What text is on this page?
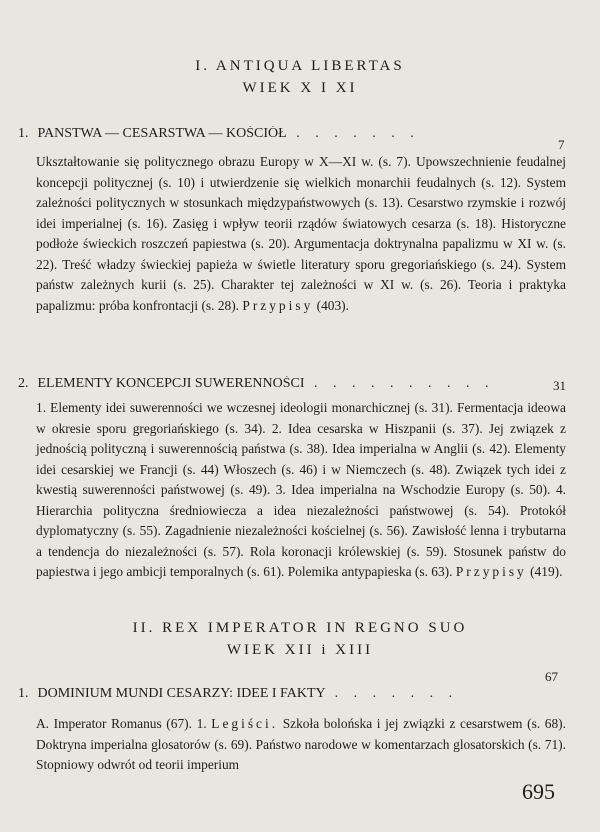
I. ANTIQUA LIBERTAS
WIEK X I XI
7
1. PANSTWA — CESARSTWA — KOŚCIÓŁ . . . . . . .
Ukształtowanie się politycznego obrazu Europy w X—XI w. (s. 7). Upowszechnienie feudalnej koncepcji politycznej (s. 10) i utwierdzenie się wielkich monarchii feudalnych (s. 12). System zależności politycznych w stosunkach międzypaństwowych (s. 13). Cesarstwo rzymskie i rozwój idei imperialnej (s. 16). Zasięg i wpływ teorii rządów światowych cesarza (s. 18). Historyczne podłoże świeckich roszczeń papiestwa (s. 20). Argumentacja doktrynalna papalizmu w XI w. (s. 22). Treść władzy świeckiej papieża w świetle literatury sporu gregoriańskiego (s. 24). System państw zależnych kurii (s. 25). Charakter tej zależności w XI w. (s. 26). Teoria i praktyka papalizmu: próba konfrontacji (s. 28). Przypisy (403).
31
2. ELEMENTY KONCEPCJI SUWERENNOŚCI . . . . . . . . . .
1. Elementy idei suwerenności we wczesnej ideologii monarchicznej (s. 31). Fermentacja ideowa w okresie sporu gregoriańskiego (s. 34). 2. Idea cesarska w Hiszpanii (s. 37). Jej związek z jednością polityczną i suwerennością państwa (s. 38). Idea imperialna w Anglii (s. 42). Elementy idei cesarskiej we Francji (s. 44) Włoszech (s. 46) i w Niemczech (s. 48). Związek tych idei z kwestią suwerenności państwowej (s. 49). 3. Idea imperialna na Wschodzie Europy (s. 50). 4. Hierarchia polityczna średniowiecza a idea niezależności państwowej (s. 54). Protokół dyplomatyczny (s. 55). Zagadnienie niezależności kościelnej (s. 56). Zawisłość lenna i trybutarna a tendencja do niezależności (s. 57). Rola koronacji królewskiej (s. 59). Stosunek państw do papiestwa i jego ambicji temporalnych (s. 61). Polemika antypapieska (s. 63). Przypisy (419).
II. REX IMPERATOR IN REGNO SUO
WIEK XII i XIII
67
1. DOMINIUM MUNDI CESARZY: IDEE I FAKTY . . . . . . .
A. Imperator Romanus (67). 1. Legiści. Szkoła bolońska i jej związki z cesarstwem (s. 68). Doktryna imperialna glosatorów (s. 69). Państwo narodowe w komentarzach glosatorskich (s. 71). Stopniowy odwrót od teorii imperium
695
